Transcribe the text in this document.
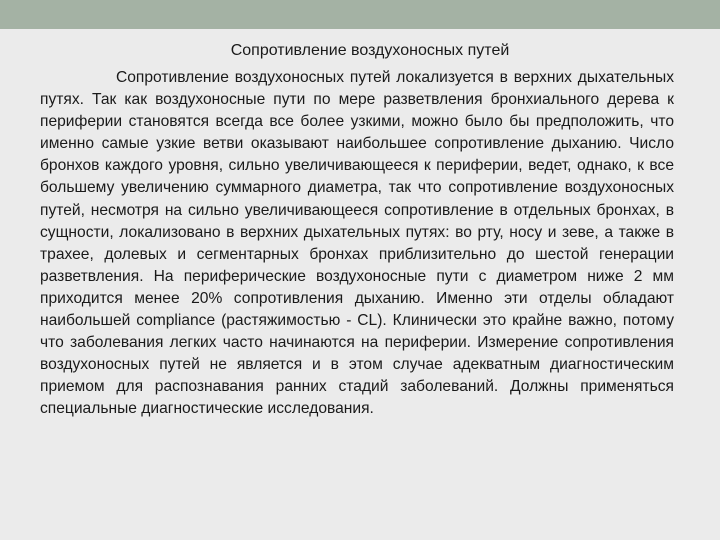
Сопротивление воздухоносных путей

Сопротивление воздухоносных путей локализуется в верхних дыхательных путях. Так как воздухоносные пути по мере разветвления бронхиального дерева к периферии становятся всегда все более узкими, можно было бы предположить, что именно самые узкие ветви оказывают наибольшее сопротивление дыханию. Число бронхов каждого уровня, сильно увеличивающееся к периферии, ведет, однако, к все большему увеличению суммарного диаметра, так что сопротивление воздухоносных путей, несмотря на сильно увеличивающееся сопротивление в отдельных бронхах, в сущности, локализовано в верхних дыхательных путях: во рту, носу и зеве, а также в трахее, долевых и сегментарных бронхах приблизительно до шестой генерации разветвления. На периферические воздухоносные пути с диаметром ниже 2 мм приходится менее 20% сопротивления дыханию. Именно эти отделы обладают наибольшей compliance (растяжимостью - CL). Клинически это крайне важно, потому что заболевания легких часто начинаются на периферии. Измерение сопротивления воздухоносных путей не является и в этом случае адекватным диагностическим приемом для распознавания ранних стадий заболеваний. Должны применяться специальные диагностические исследования.
